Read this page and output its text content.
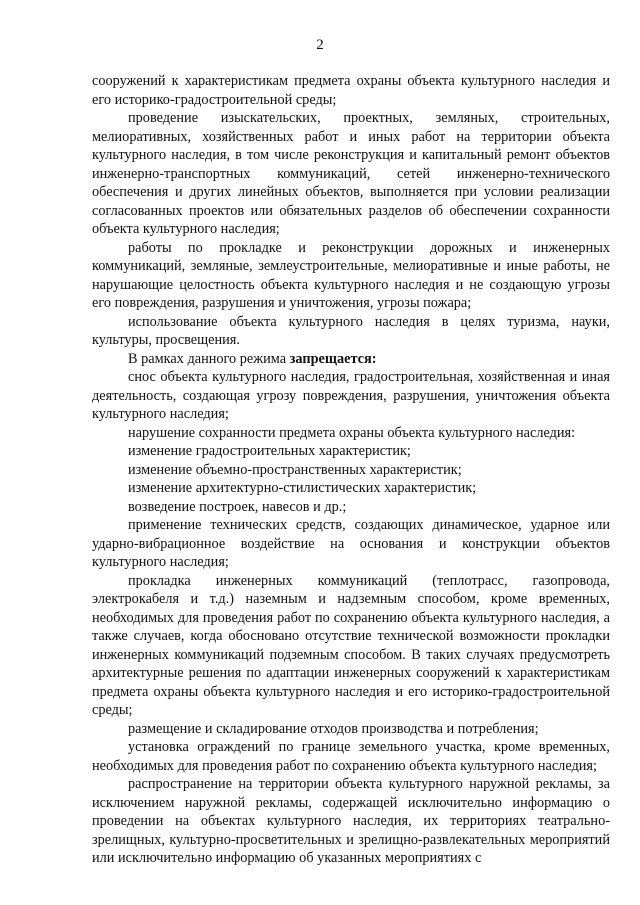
2

сооружений к характеристикам предмета охраны объекта культурного наследия и его историко-градостроительной среды;

проведение изыскательских, проектных, земляных, строительных, мелиоративных, хозяйственных работ и иных работ на территории объекта культурного наследия, в том числе реконструкция и капитальный ремонт объектов инженерно-транспортных коммуникаций, сетей инженерно-технического обеспечения и других линейных объектов, выполняется при условии реализации согласованных проектов или обязательных разделов об обеспечении сохранности объекта культурного наследия;

работы по прокладке и реконструкции дорожных и инженерных коммуникаций, земляные, землеустроительные, мелиоративные и иные работы, не нарушающие целостность объекта культурного наследия и не создающую угрозы его повреждения, разрушения и уничтожения, угрозы пожара;

использование объекта культурного наследия в целях туризма, науки, культуры, просвещения.

В рамках данного режима запрещается:

снос объекта культурного наследия, градостроительная, хозяйственная и иная деятельность, создающая угрозу повреждения, разрушения, уничтожения объекта культурного наследия;

нарушение сохранности предмета охраны объекта культурного наследия:

изменение градостроительных характеристик;

изменение объемно-пространственных характеристик;

изменение архитектурно-стилистических характеристик;

возведение построек, навесов и др.;

применение технических средств, создающих динамическое, ударное или ударно-вибрационное воздействие на основания и конструкции объектов культурного наследия;

прокладка инженерных коммуникаций (теплотрасс, газопровода, электрокабеля и т.д.) наземным и надземным способом, кроме временных, необходимых для проведения работ по сохранению объекта культурного наследия, а также случаев, когда обосновано отсутствие технической возможности прокладки инженерных коммуникаций подземным способом. В таких случаях предусмотреть архитектурные решения по адаптации инженерных сооружений к характеристикам предмета охраны объекта культурного наследия и его историко-градостроительной среды;

размещение и складирование отходов производства и потребления;

установка ограждений по границе земельного участка, кроме временных, необходимых для проведения работ по сохранению объекта культурного наследия;

распространение на территории объекта культурного наружной рекламы, за исключением наружной рекламы, содержащей исключительно информацию о проведении на объектах культурного наследия, их территориях театрально-зрелищных, культурно-просветительных и зрелищно-развлекательных мероприятий или исключительно информацию об указанных мероприятиях с
